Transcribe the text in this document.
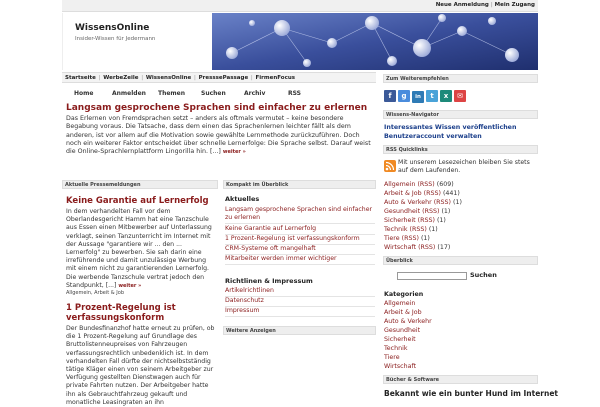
Neue Anmeldung | Mein Zugang
WissensOnline
Insider-Wissen für Jedermann
Startseite | WerbeZeile | WissensOnline | PresssePassage | FirmenFocus
Home	Anmelden Themen	Suchen	Archiv	RSS
Langsam gesprochene Sprachen sind einfacher zu erlernen
Das Erlernen von Fremdsprachen setzt – anders als oftmals vermutet – keine besondere Begabung voraus. Die Tatsache, dass dem einen das Sprachenlernen leichter fällt als dem anderen, ist vor allem auf die Motivation sowie gewählte Lernmethode zurückzuführen. Doch noch ein weiterer Faktor entscheidet über schnelle Lernerfolge: Die Sprache selbst. Darauf weist die Online-Sprachlernplattform Lingorilla hin. [...] weiter »
Aktuelle Pressemeldungen
Keine Garantie auf Lernerfolg
In dem verhandelten Fall vor dem Oberlandesgericht Hamm hat eine Tanzschule aus Essen einen Mitbewerber auf Unterlassung verklagt, seinen Tanzunterricht im Internet mit der Aussage "garantiere wir ... den ... Lernerfolg" zu bewerben. Sie sah darin eine irreführende und damit unzulässige Werbung mit einem nicht zu garantierenden Lernerfolg. Die werbende Tanzschule vertrat jedoch den Standpunkt, [...] weiter »
Allgemein, Arbeit & Job
1 Prozent-Regelung ist verfassungskonform
Der Bundesfinanzhof hatte erneut zu prüfen, ob die 1 Prozent-Regelung auf Grundlage des Bruttolistenneupreises von Fahrzeugen verfassungsrechtlich unbedenklich ist. In dem verhandelten Fall dürfte der nichtselbstständig tätige Kläger einen von seinem Arbeitgeber zur Verfügung gestellten Dienstwagen auch für private Fahrten nutzen. Der Arbeitgeber hatte ihn als Gebrauchtfahrzeug gekauft und monatliche Leasingraten an ihn
Kompakt im Überblick
Aktuelles
Langsam gesprochene Sprachen sind einfacher zu erlernen
Keine Garantie auf Lernerfolg
1 Prozent-Regelung ist verfassungskonform
CRM-Systeme oft mangelhaft
Mitarbeiter werden immer wichtiger
Richtlinen & Impressum
Artikelrichtlinen
Datenschutz
Impressum
Weitere Anzeigen
Zum Weiterempfehlen
f g in t x ✉
Wissens-Navigator
Interessantes Wissen veröffentlichen
Benutzeraccount verwalten
RSS Quicklinks
Mit unserem Lesezeichen bleiben Sie stets auf dem Laufenden.
Allgemein (RSS) (609)
Arbeit & Job (RSS) (441)
Auto & Verkehr (RSS) (1)
Gesundheit (RSS) (1)
Sicherheit (RSS) (1)
Technik (RSS) (1)
Tiere (RSS) (1)
Wirtschaft (RSS) (17)
Überblick
Suchen
Kategorien
Allgemein
Arbeit & Job
Auto & Verkehr
Gesundheit
Sicherheit
Technik
Tiere
Wirtschaft
Bücher & Software
Bekannt wie ein bunter Hund im Internet
